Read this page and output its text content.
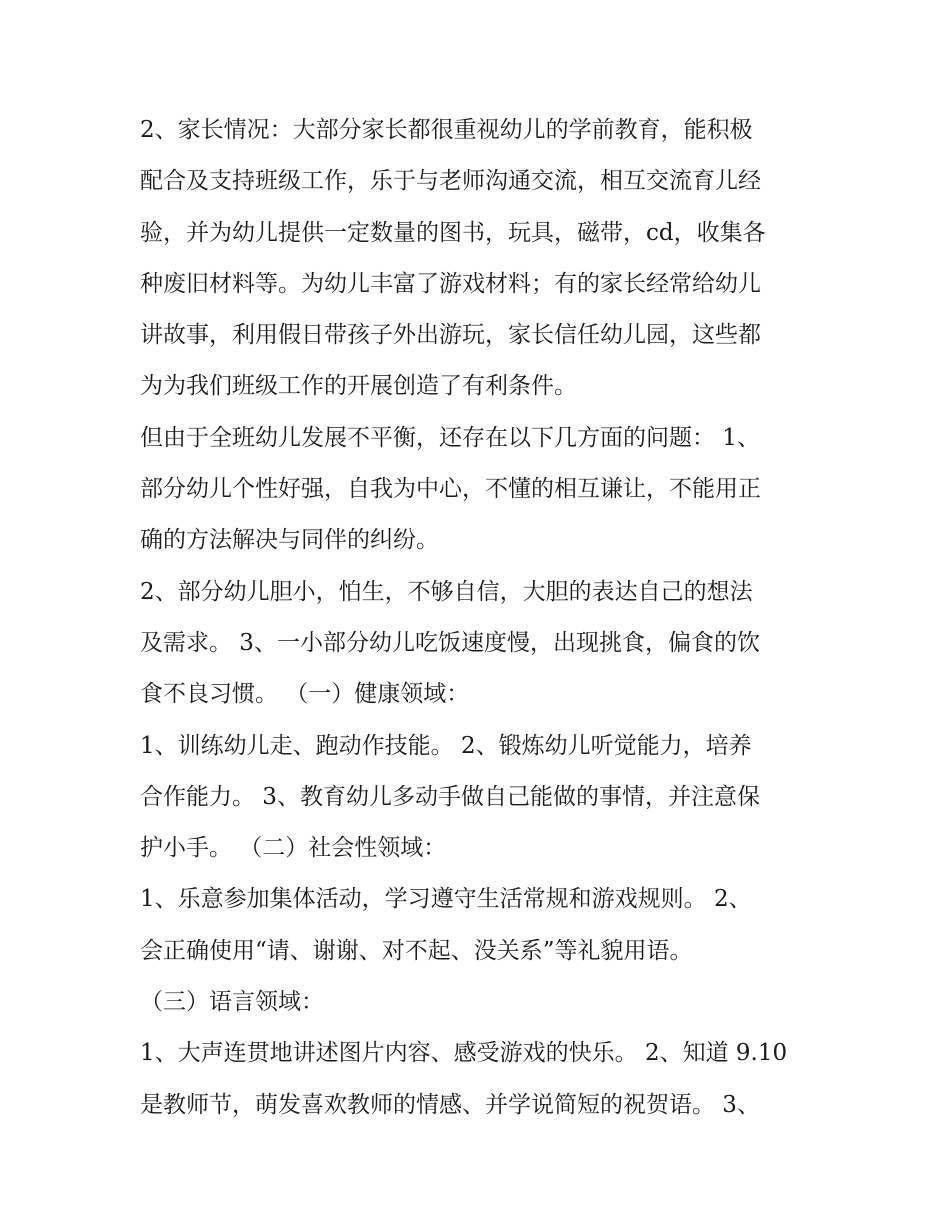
2、家长情况：大部分家长都很重视幼儿的学前教育，能积极
配合及支持班级工作，乐于与老师沟通交流，相互交流育儿经
验，并为幼儿提供一定数量的图书，玩具，磁带，cd，收集各
种废旧材料等。为幼儿丰富了游戏材料；有的家长经常给幼儿
讲故事，利用假日带孩子外出游玩，家长信任幼儿园，这些都
为为我们班级工作的开展创造了有利条件。
但由于全班幼儿发展不平衡，还存在以下几方面的问题： 1、
部分幼儿个性好强，自我为中心，不懂的相互谦让，不能用正
确的方法解决与同伴的纠纷。
2、部分幼儿胆小，怕生，不够自信，大胆的表达自己的想法
及需求。 3、一小部分幼儿吃饭速度慢，出现挑食，偏食的饮
食不良习惯。 （一）健康领域：
1、训练幼儿走、跑动作技能。 2、锻炼幼儿听觉能力，培养
合作能力。 3、教育幼儿多动手做自己能做的事情，并注意保
护小手。 （二）社会性领域：
1、乐意参加集体活动，学习遵守生活常规和游戏规则。 2、
会正确使用“请、谢谢、对不起、没关系”等礼貌用语。
（三）语言领域：
1、大声连贯地讲述图片内容、感受游戏的快乐。 2、知道 9.10
是教师节，萌发喜欢教师的情感、并学说简短的祝贺语。 3、
